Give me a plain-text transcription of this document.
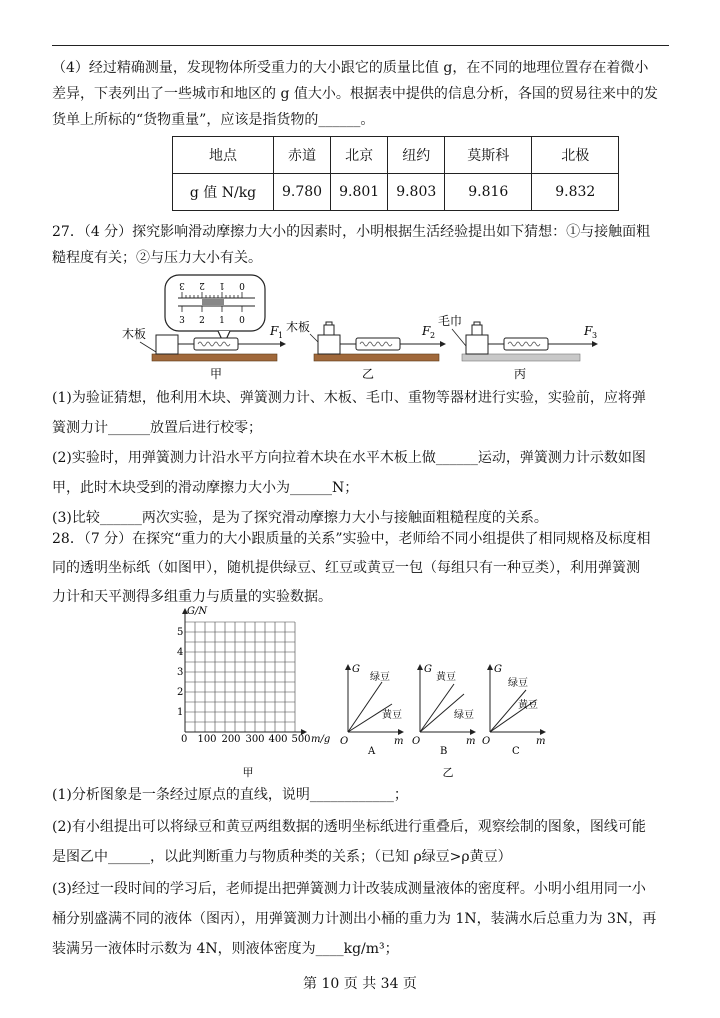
（4）经过精确测量，发现物体所受重力的大小跟它的质量比值 g，在不同的地理位置存在着微小
差异，下表列出了一些城市和地区的 g 值大小。根据表中提供的信息分析，各国的贸易往来中的发
货单上所标的“货物重量”，应该是指货物的______。
地点	赤道	北京	纽约	莫斯科	北极
g 值 N/kg	9.780	9.801	9.803	9.816	9.832
27．（4 分）探究影响滑动摩擦力大小的因素时，小明根据生活经验提出如下猜想：①与接触面粗
糙程度有关；②与压力大小有关。
3 2 1 0
3 2 1 0
木板	F 1
甲
木板	F 2
乙
毛巾
F 3
丙
(1)为验证猜想，他利用木块、弹簧测力计、木板、毛巾、重物等器材进行实验，实验前，应将弹
簧测力计______放置后进行校零；
(2)实验时，用弹簧测力计沿水平方向拉着木块在水平木板上做______运动，弹簧测力计示数如图
甲，此时木块受到的滑动摩擦力大小为______N；
(3)比较______两次实验，是为了探究滑动摩擦力大小与接触面粗糙程度的关系。
28．（7 分）在探究“重力的大小跟质量的关系”实验中，老师给不同小组提供了相同规格及标度相
同的透明坐标纸（如图甲），随机提供绿豆、红豆或黄豆一包（每组只有一种豆类），利用弹簧测
力计和天平测得多组重力与质量的实验数据。
G/N
m/g
0
1
2
3
4
5
100 200 300 400 500
甲
G
m
O
绿豆
黄豆
A
G
m
O
黄豆
绿豆
B
G
m
O
绿豆
黄豆
C
乙
(1)分析图象是一条经过原点的直线，说明____________；
(2)有小组提出可以将绿豆和黄豆两组数据的透明坐标纸进行重叠后，观察绘制的图象，图线可能
是图乙中______，以此判断重力与物质种类的关系；（已知 ρ绿豆>ρ黄豆）
(3)经过一段时间的学习后，老师提出把弹簧测力计改装成测量液体的密度秤。小明小组用同一小
桶分别盛满不同的液体（图丙），用弹簧测力计测出小桶的重力为 1N，装满水后总重力为 3N，再
装满另一液体时示数为 4N，则液体密度为____kg/m³；
第 10 页 共 34 页
